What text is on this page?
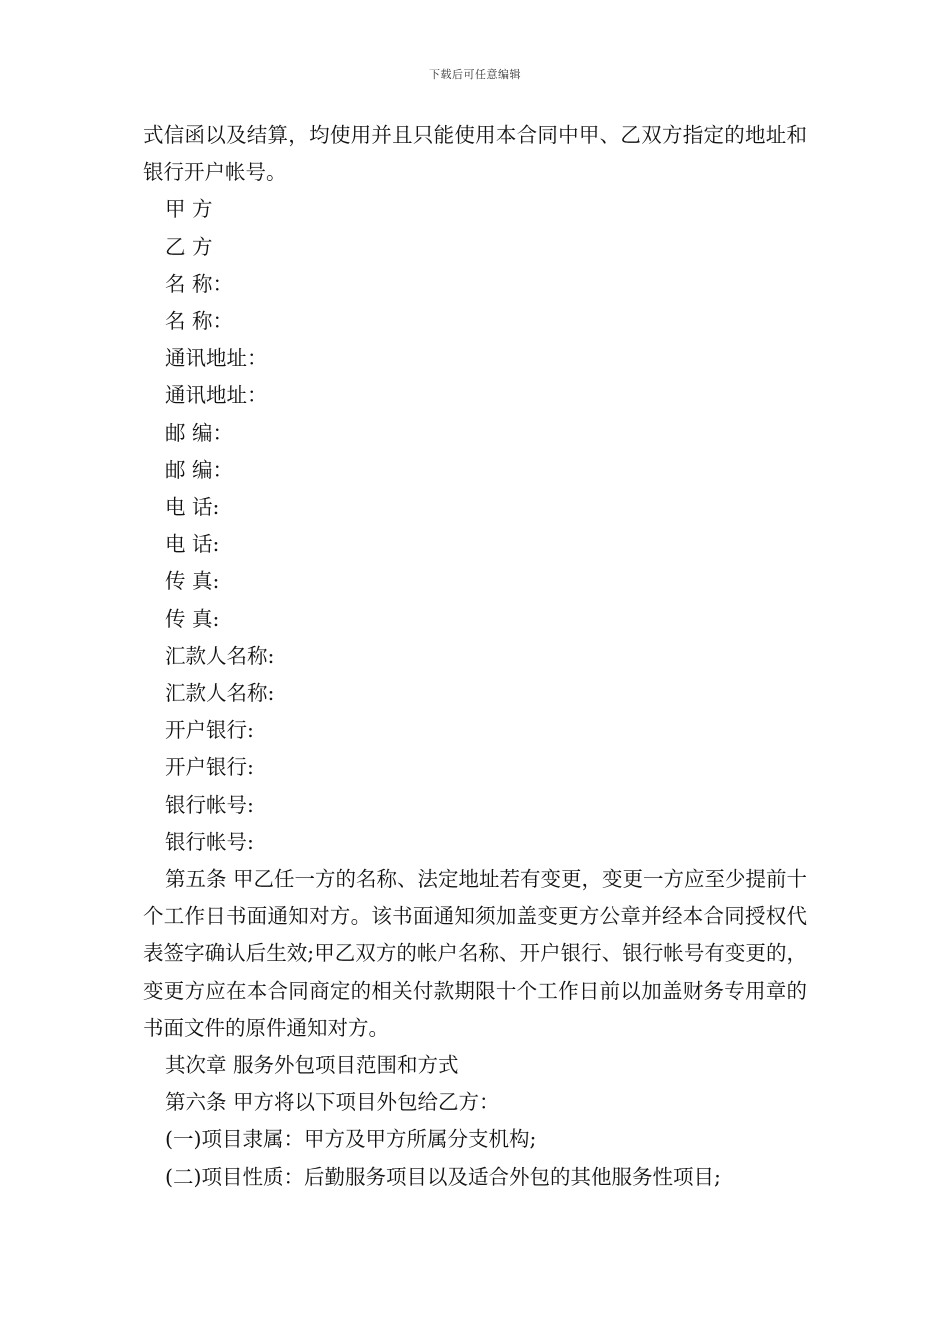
下载后可任意编辑

式信函以及结算，均使用并且只能使用本合同中甲、乙双方指定的地址和银行开户帐号。

甲 方

乙 方

名 称：

名 称：

通讯地址：

通讯地址：

邮 编：

邮 编：

电 话:

电 话:

传 真:

传 真:

汇款人名称:

汇款人名称:

开户银行:

开户银行:

银行帐号:

银行帐号:

第五条 甲乙任一方的名称、法定地址若有变更，变更一方应至少提前十个工作日书面通知对方。该书面通知须加盖变更方公章并经本合同授权代表签字确认后生效;甲乙双方的帐户名称、开户银行、银行帐号有变更的，变更方应在本合同商定的相关付款期限十个工作日前以加盖财务专用章的书面文件的原件通知对方。

其次章 服务外包项目范围和方式

第六条 甲方将以下项目外包给乙方：

(一)项目隶属：甲方及甲方所属分支机构;

(二)项目性质：后勤服务项目以及适合外包的其他服务性项目;
